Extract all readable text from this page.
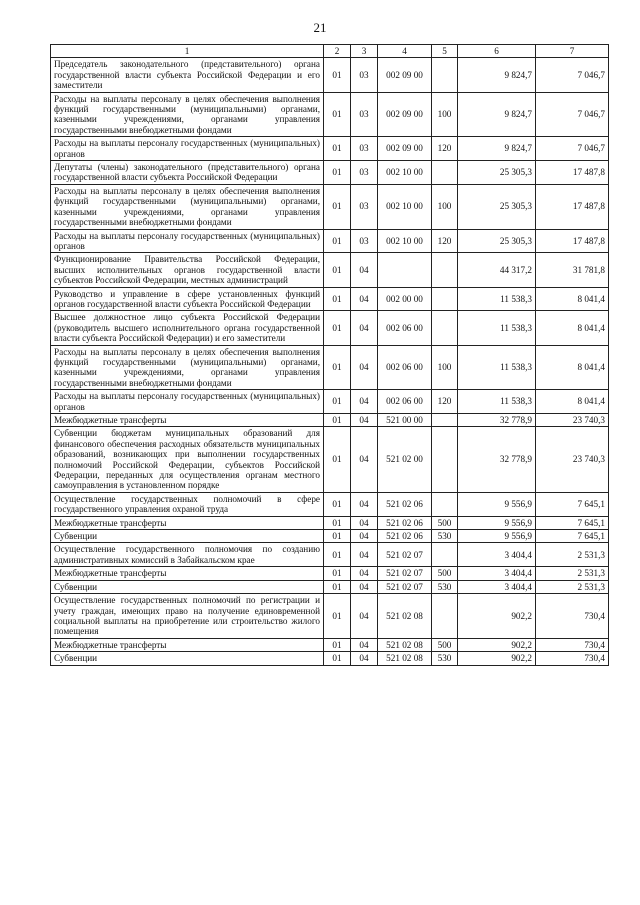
21
1	2	3	4	5	6	7
Председатель законодательного (представительного) органа государственной власти субъекта Российской Федерации и его заместители	01	03	002 09 00		9 824,7	7 046,7
Расходы на выплаты персоналу в целях обеспечения выполнения функций государственными (муниципальными) органами, казенными учреждениями, органами управления государственными внебюджетными фондами	01	03	002 09 00	100	9 824,7	7 046,7
Расходы на выплаты персоналу государственных (муниципальных) органов	01	03	002 09 00	120	9 824,7	7 046,7
Депутаты (члены) законодательного (представительного) органа государственной власти субъекта Российской Федерации	01	03	002 10 00		25 305,3	17 487,8
Расходы на выплаты персоналу в целях обеспечения выполнения функций государственными (муниципальными) органами, казенными учреждениями, органами управления государственными внебюджетными фондами	01	03	002 10 00	100	25 305,3	17 487,8
Расходы на выплаты персоналу государственных (муниципальных) органов	01	03	002 10 00	120	25 305,3	17 487,8
Функционирование Правительства Российской Федерации, высших исполнительных органов государственной власти субъектов Российской Федерации, местных администраций	01	04			44 317,2	31 781,8
Руководство и управление в сфере установленных функций органов государственной власти субъекта Российской Федерации	01	04	002 00 00		11 538,3	8 041,4
Высшее должностное лицо субъекта Российской Федерации (руководитель высшего исполнительного органа государственной власти субъекта Российской Федерации) и его заместители	01	04	002 06 00		11 538,3	8 041,4
Расходы на выплаты персоналу в целях обеспечения выполнения функций государственными (муниципальными) органами, казенными учреждениями, органами управления государственными внебюджетными фондами	01	04	002 06 00	100	11 538,3	8 041,4
Расходы на выплаты персоналу государственных (муниципальных) органов	01	04	002 06 00	120	11 538,3	8 041,4
Межбюджетные трансферты	01	04	521 00 00		32 778,9	23 740,3
Субвенции бюджетам муниципальных образований для финансового обеспечения расходных обязательств муниципальных образований, возникающих при выполнении государственных полномочий Российской Федерации, субъектов Российской Федерации, переданных для осуществления органам местного самоуправления в установленном порядке	01	04	521 02 00		32 778,9	23 740,3
Осуществление государственных полномочий в сфере государственного управления охраной труда	01	04	521 02 06		9 556,9	7 645,1
Межбюджетные трансферты	01	04	521 02 06	500	9 556,9	7 645,1
Субвенции	01	04	521 02 06	530	9 556,9	7 645,1
Осуществление государственного полномочия по созданию административных комиссий в Забайкальском крае	01	04	521 02 07		3 404,4	2 531,3
Межбюджетные трансферты	01	04	521 02 07	500	3 404,4	2 531,3
Субвенции	01	04	521 02 07	530	3 404,4	2 531,3
Осуществление государственных полномочий по регистрации и учету граждан, имеющих право на получение единовременной социальной выплаты на приобретение или строительство жилого помещения	01	04	521 02 08		902,2	730,4
Межбюджетные трансферты	01	04	521 02 08	500	902,2	730,4
Субвенции	01	04	521 02 08	530	902,2	730,4
